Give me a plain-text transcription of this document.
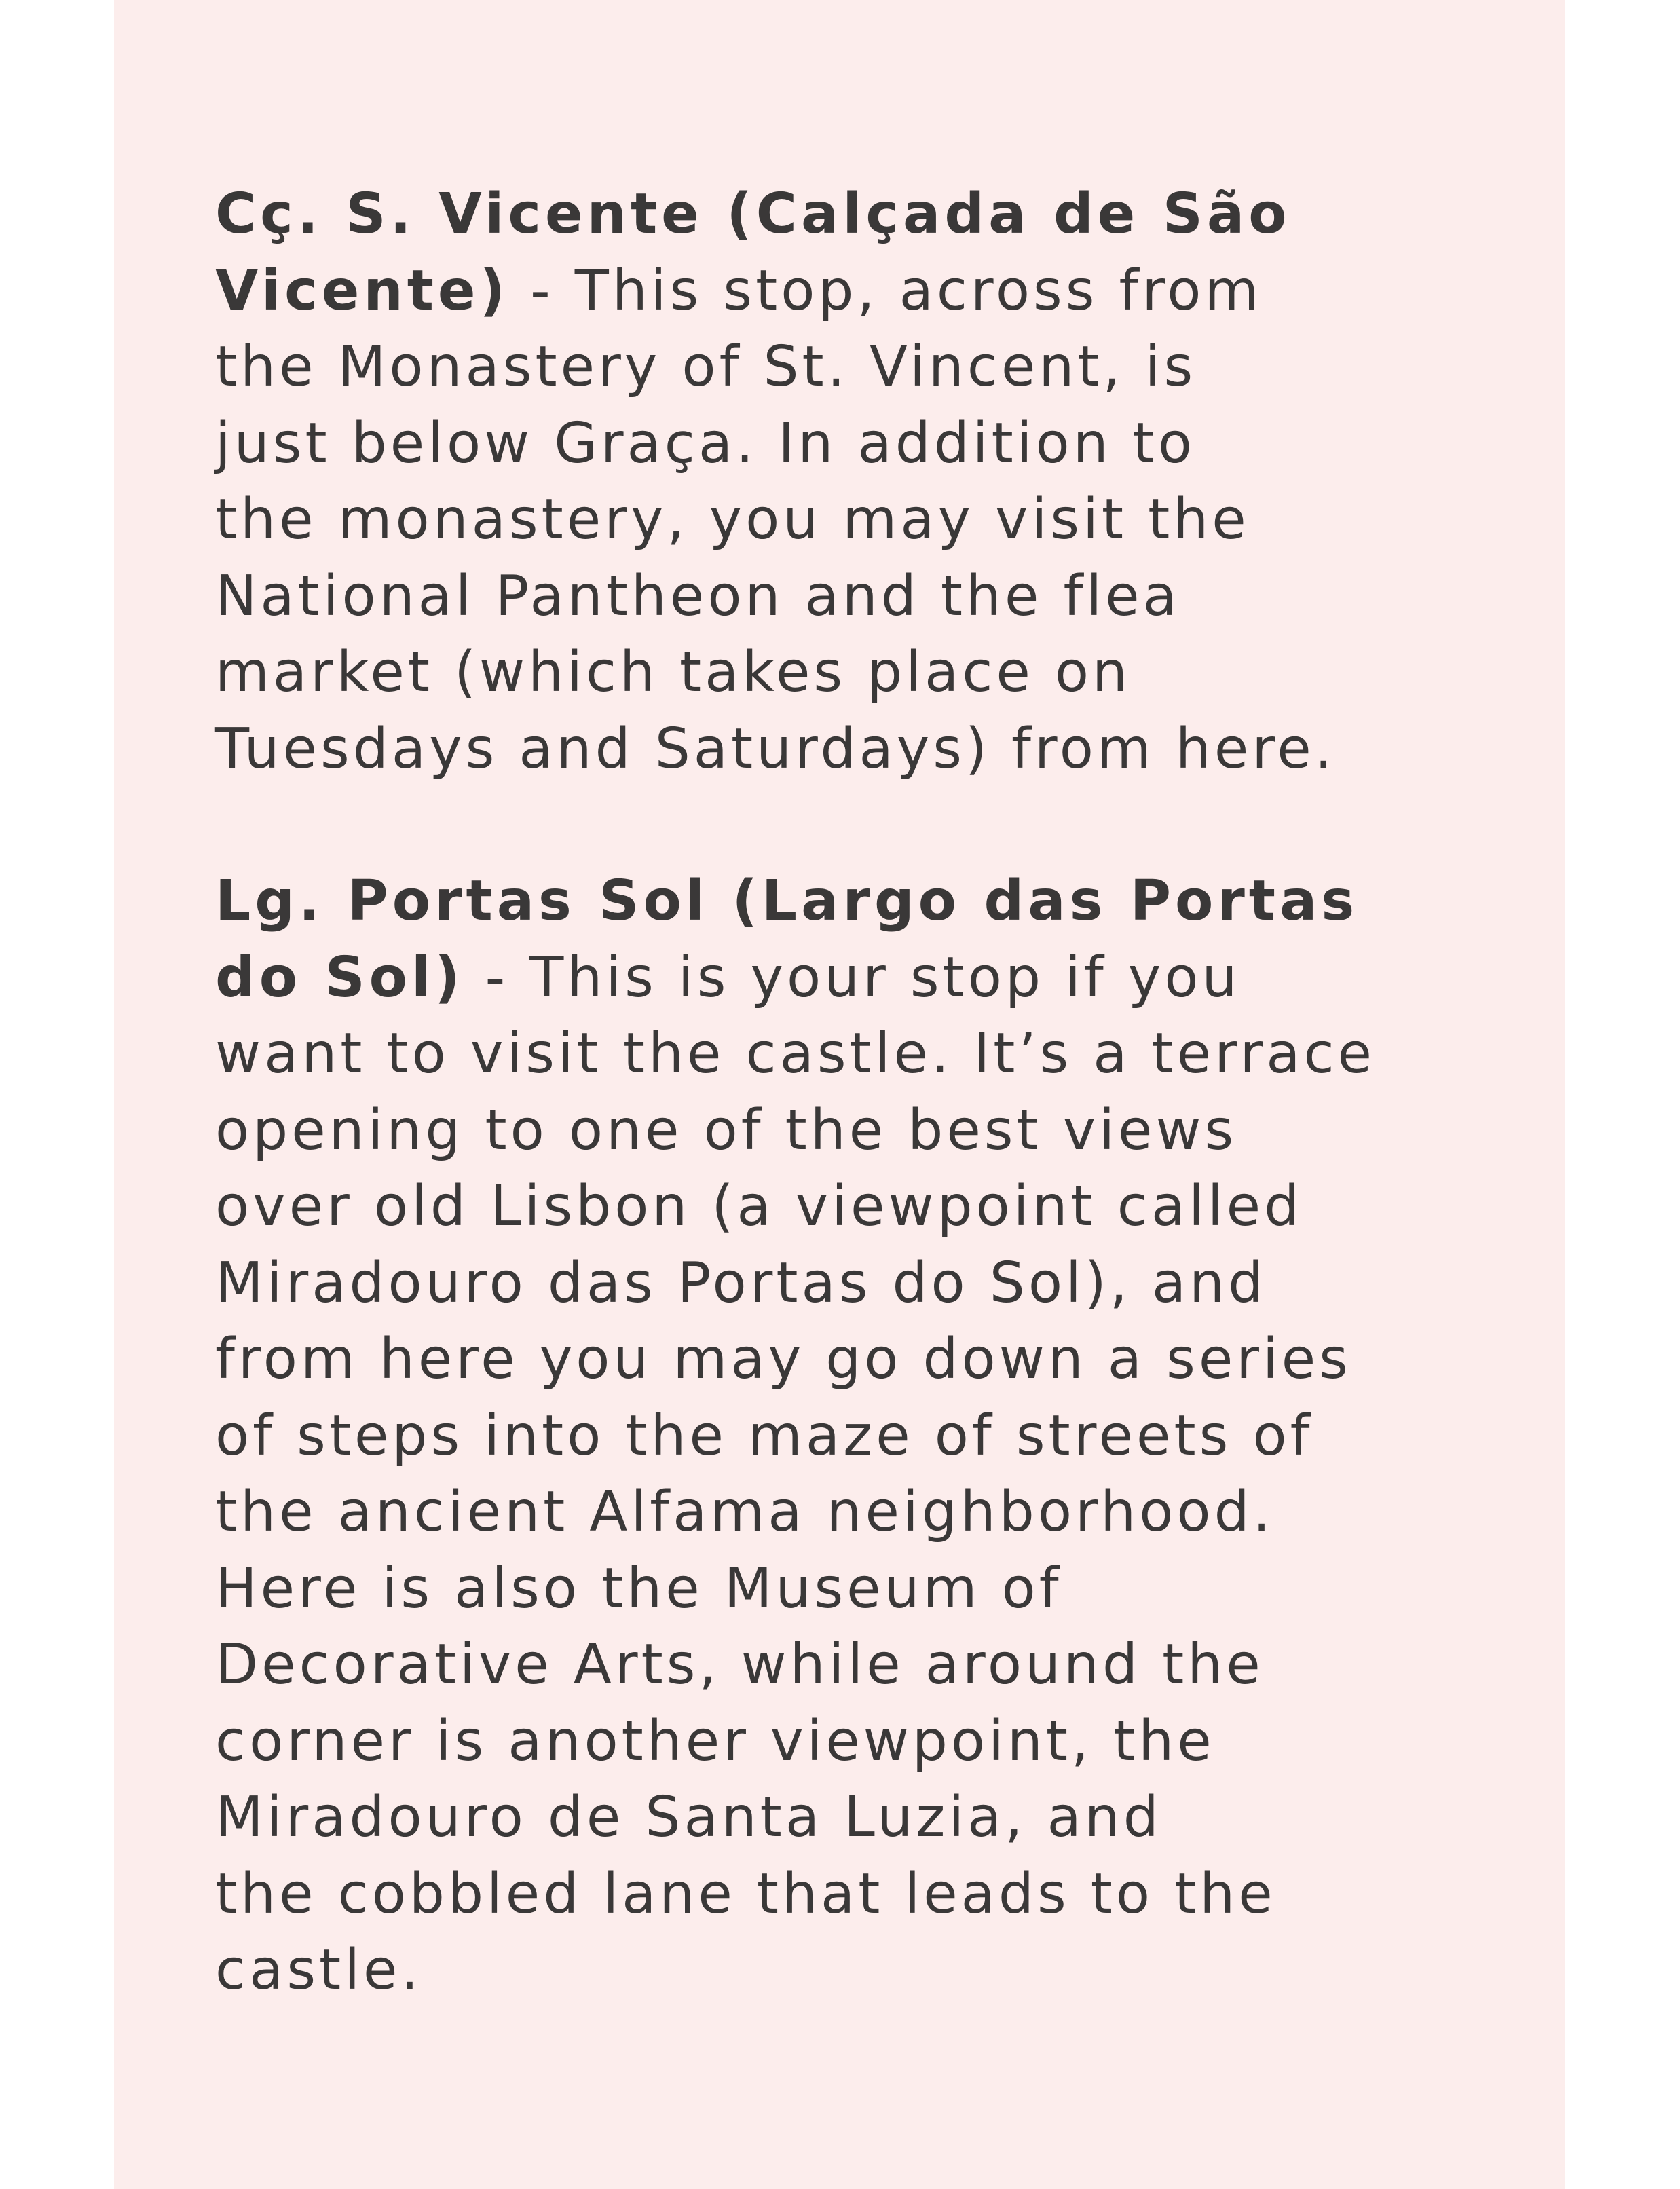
Cç. S. Vicente (Calçada de São
Vicente) - This stop, across from
the Monastery of St. Vincent, is
just below Graça. In addition to
the monastery, you may visit the
National Pantheon and the flea
market (which takes place on
Tuesdays and Saturdays) from here.
Lg. Portas Sol (Largo das Portas
do Sol) - This is your stop if you
want to visit the castle. It’s a terrace
opening to one of the best views
over old Lisbon (a viewpoint called
Miradouro das Portas do Sol), and
from here you may go down a series
of steps into the maze of streets of
the ancient Alfama neighborhood.
Here is also the Museum of
Decorative Arts, while around the
corner is another viewpoint, the
Miradouro de Santa Luzia, and
the cobbled lane that leads to the
castle.
